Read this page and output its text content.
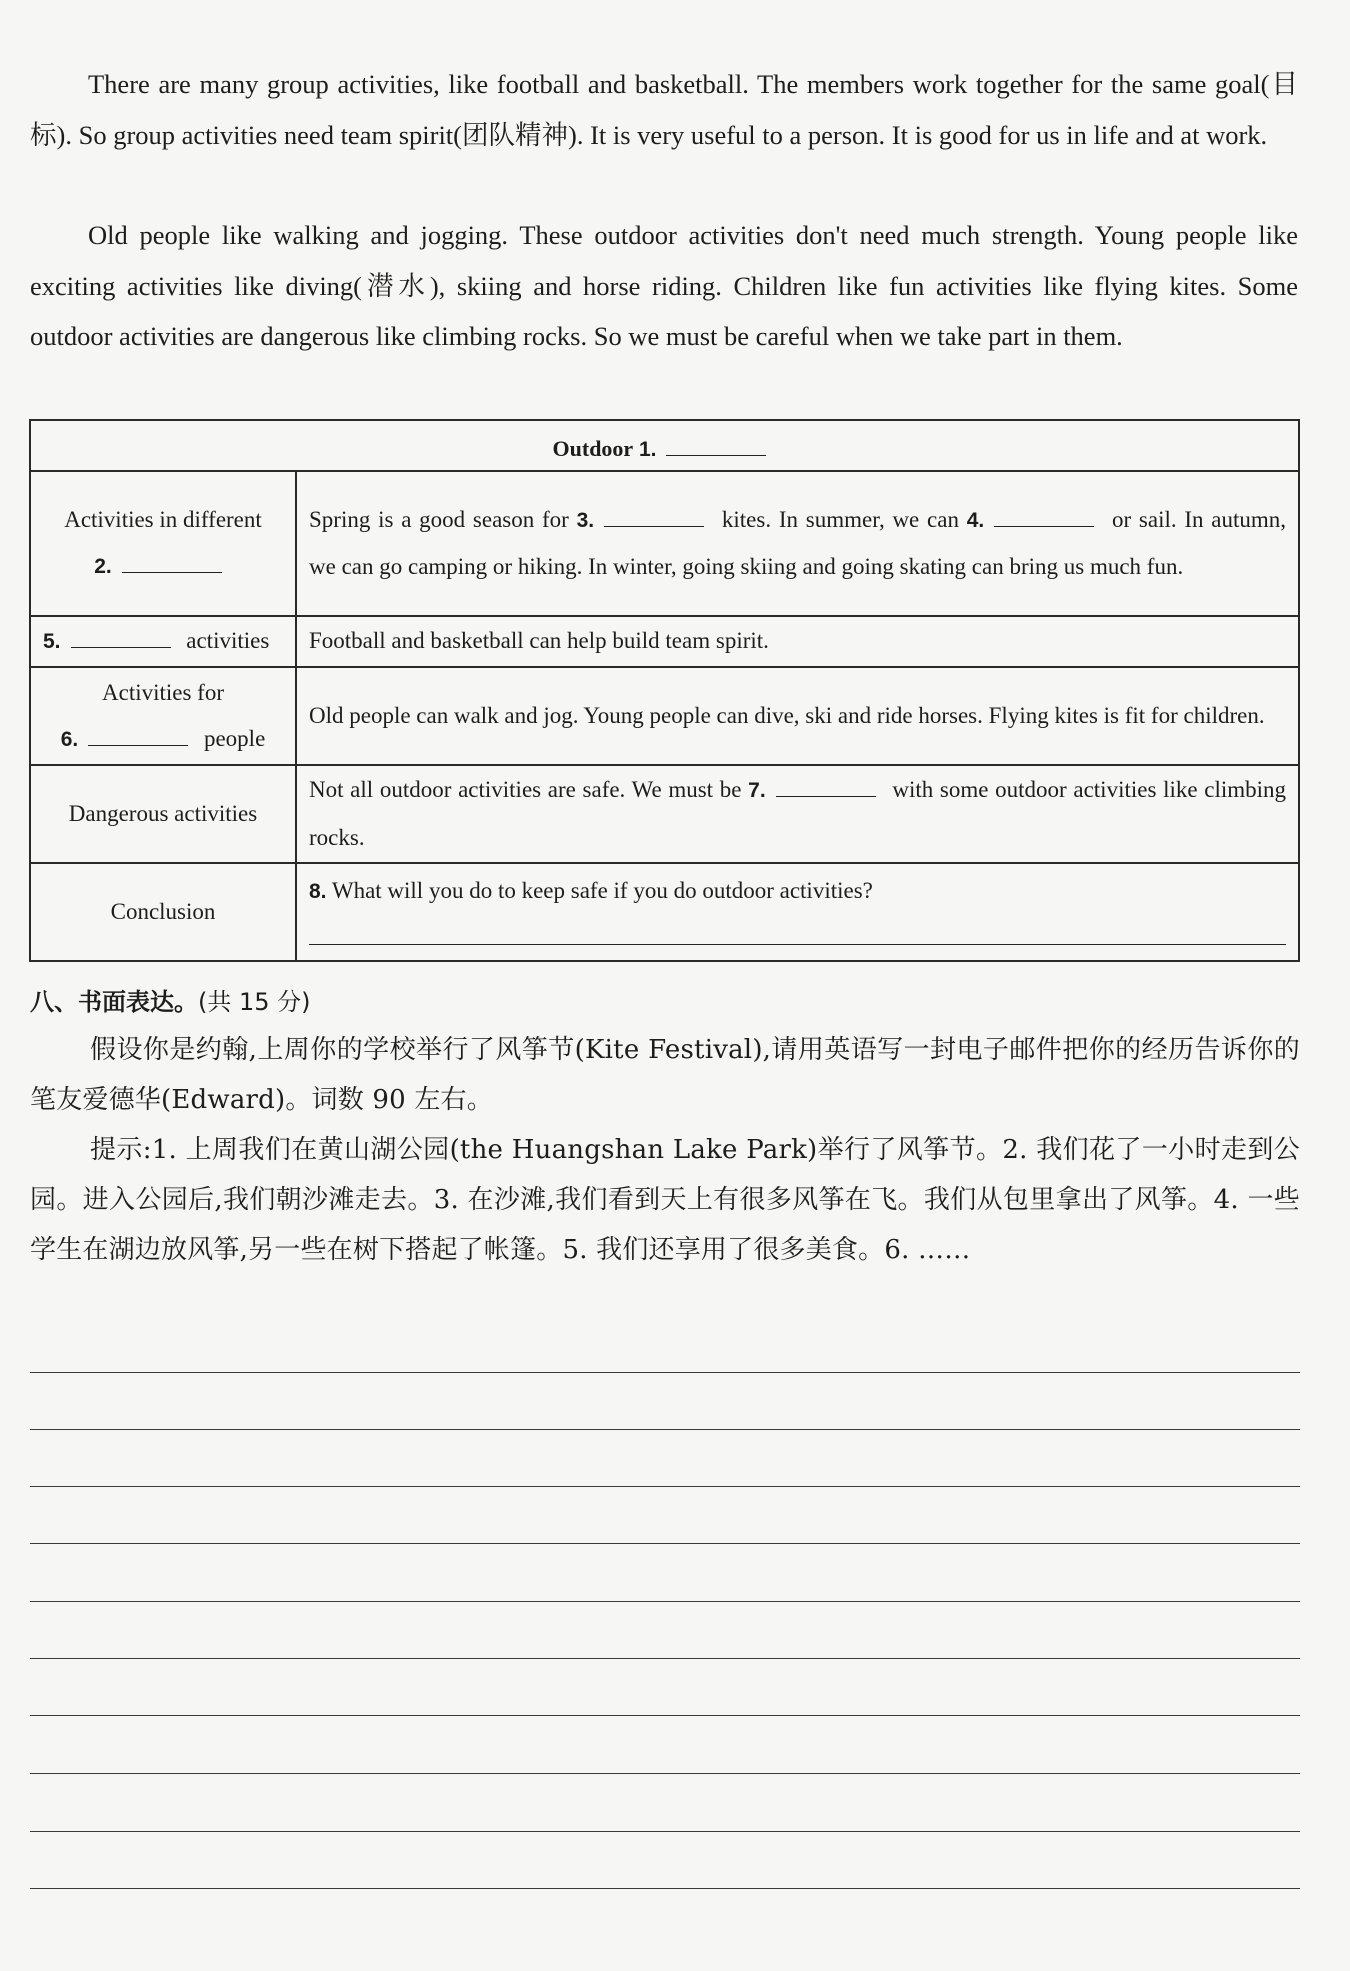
There are many group activities, like football and basketball. The members work together for the same goal(目标). So group activities need team spirit(团队精神). It is very useful to a person. It is good for us in life and at work.

Old people like walking and jogging. These outdoor activities don't need much strength. Young people like exciting activities like diving(潜水), skiing and horse riding. Children like fun activities like flying kites. Some outdoor activities are dangerous like climbing rocks. So we must be careful when we take part in them.

Outdoor 1.	
Activities in different
2.	Spring is a good season for 3. kites. In summer, we can 4. or sail. In autumn, we can go camping or hiking. In winter, going skiing and going skating can bring us much fun.
5. activities	Football and basketball can help build team spirit.
Activities for
6. people	Old people can walk and jog. Young people can dive, ski and ride horses. Flying kites is fit for children.
Dangerous activities	Not all outdoor activities are safe. We must be 7. with some outdoor activities like climbing rocks.
Conclusion	8. What will you do to keep safe if you do outdoor activities?

八、书面表达。(共 15 分)

假设你是约翰,上周你的学校举行了风筝节(Kite Festival),请用英语写一封电子邮件把你的经历告诉你的笔友爱德华(Edward)。词数 90 左右。

提示:1. 上周我们在黄山湖公园(the Huangshan Lake Park)举行了风筝节。2. 我们花了一小时走到公园。进入公园后,我们朝沙滩走去。3. 在沙滩,我们看到天上有很多风筝在飞。我们从包里拿出了风筝。4. 一些学生在湖边放风筝,另一些在树下搭起了帐篷。5. 我们还享用了很多美食。6. ……
